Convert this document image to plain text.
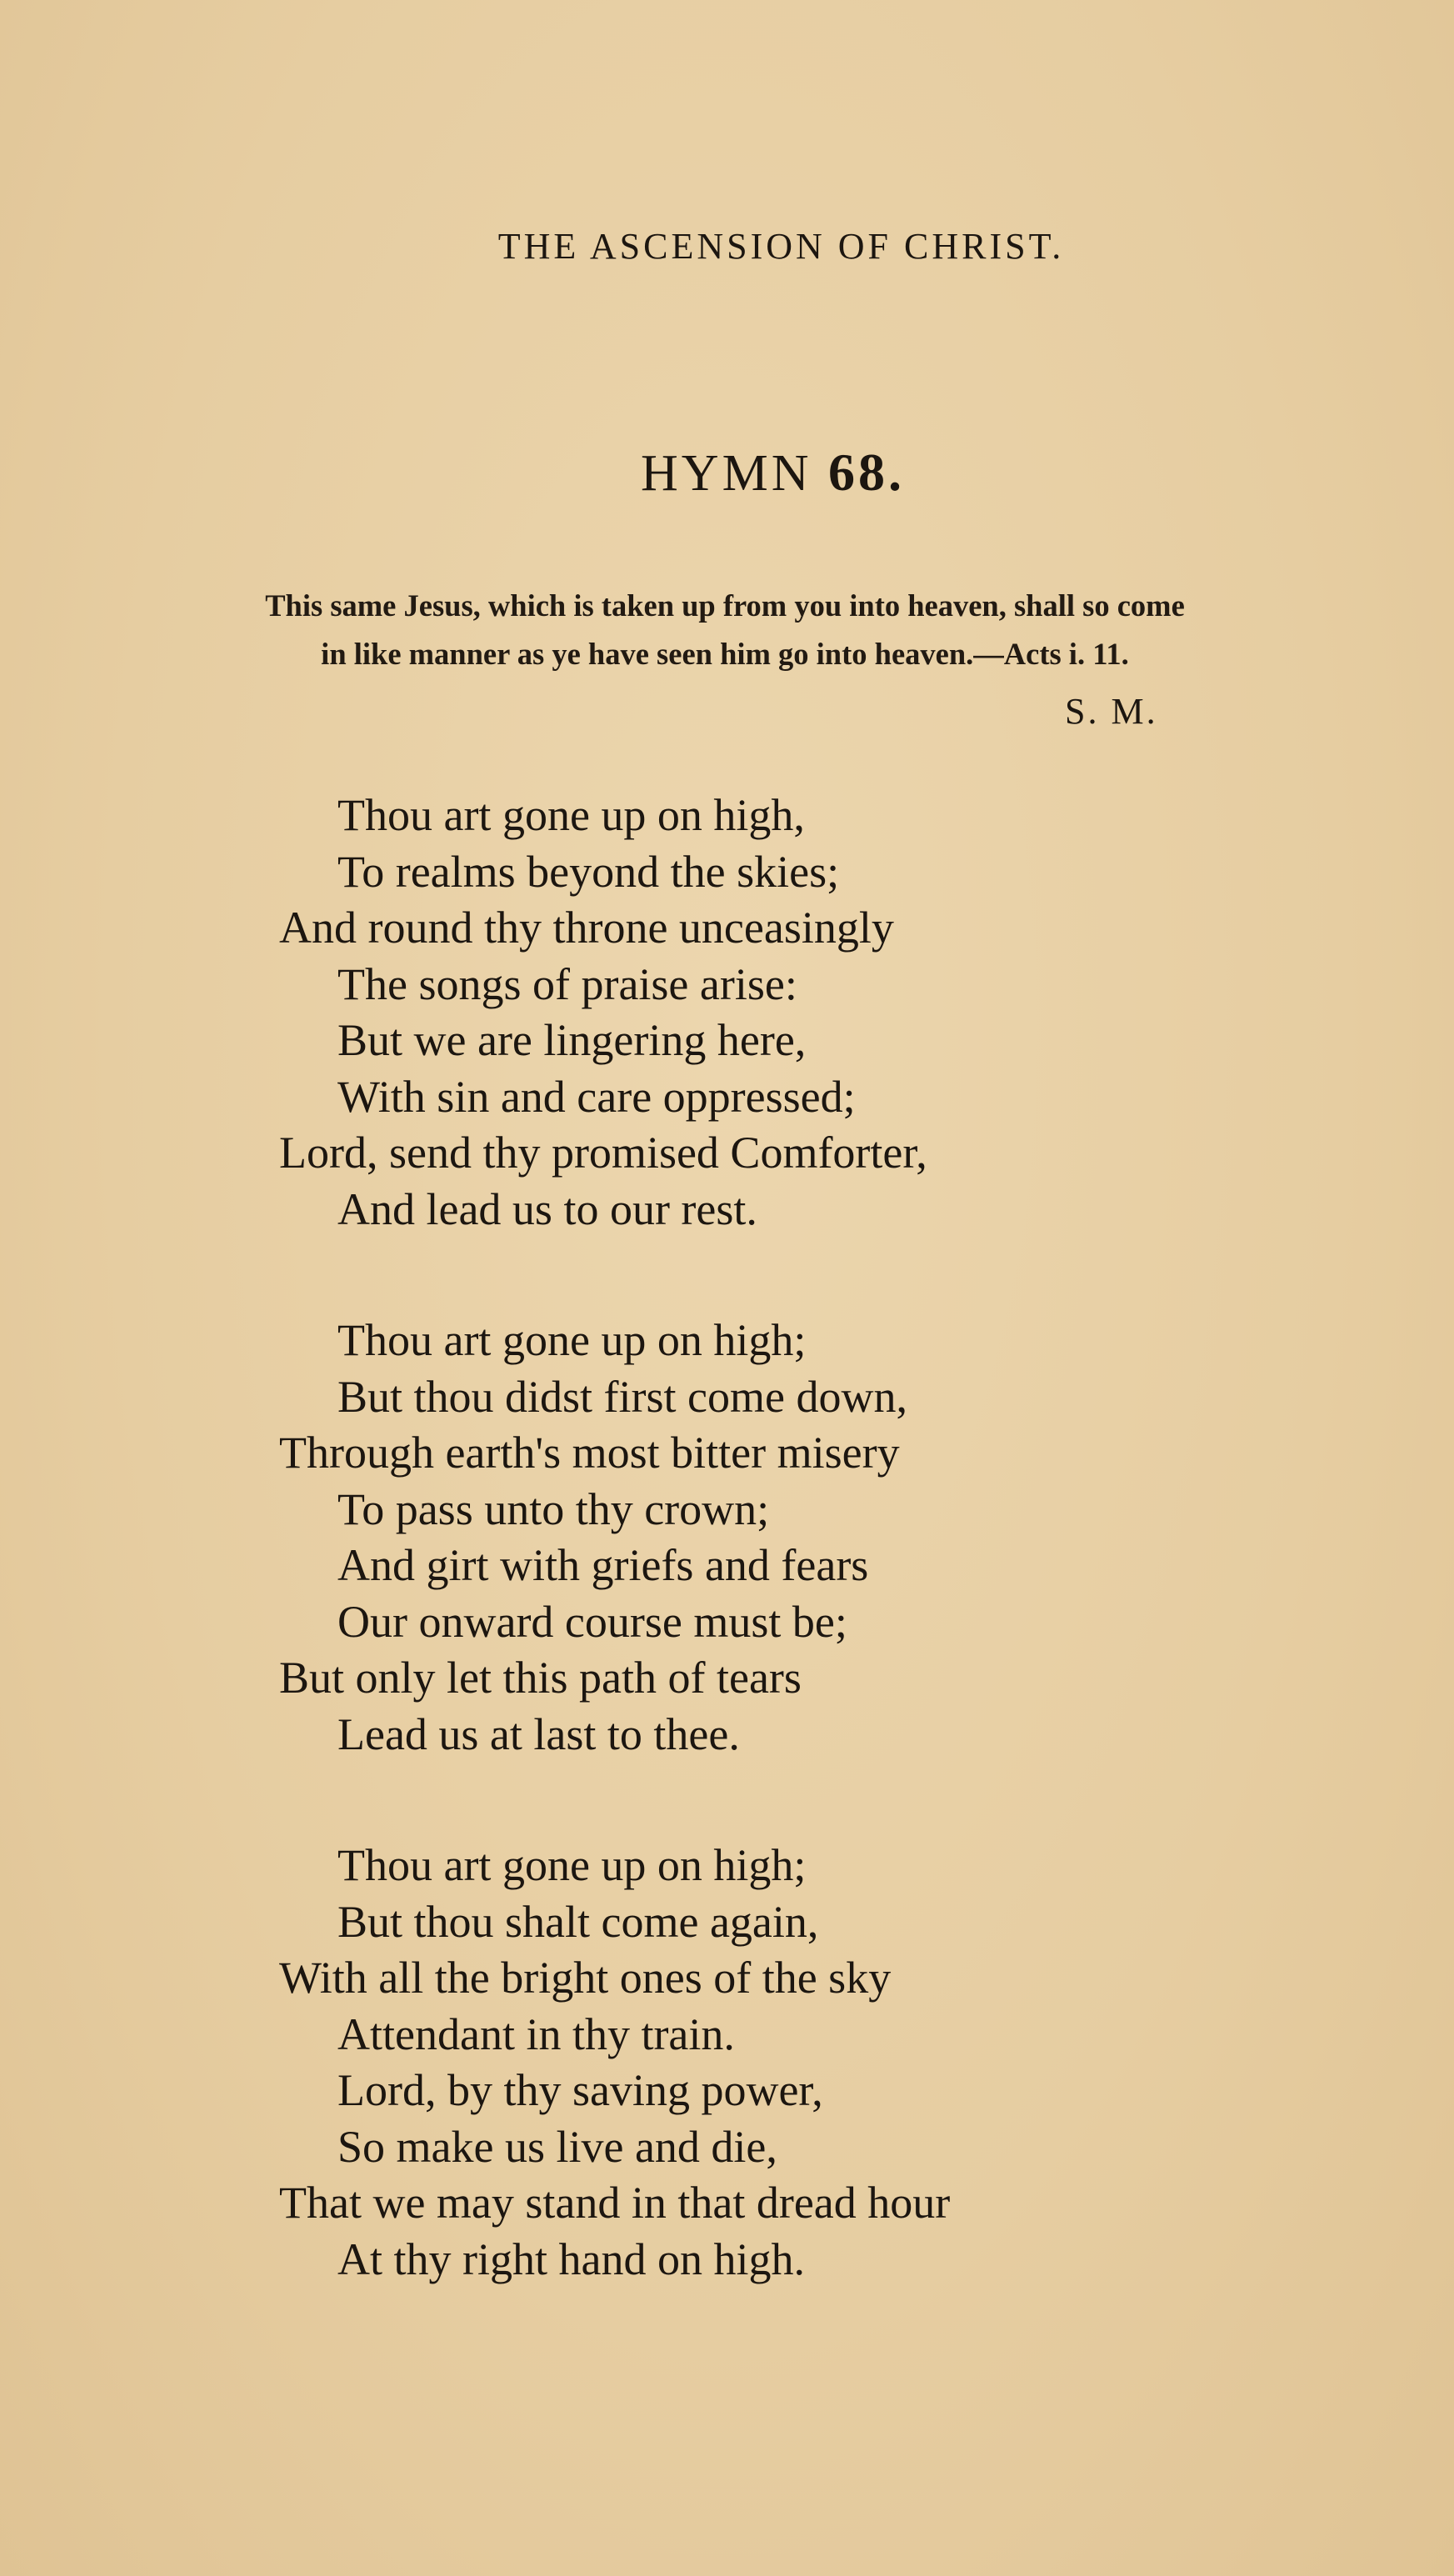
THE ASCENSION OF CHRIST.
HYMN 68.
This same Jesus, which is taken up from you into heaven, shall so come
in like manner as ye have seen him go into heaven.—Acts i. 11.
S. M.
Thou art gone up on high,
To realms beyond the skies;
And round thy throne unceasingly
The songs of praise arise:
But we are lingering here,
With sin and care oppressed;
Lord, send thy promised Comforter,
And lead us to our rest.
Thou art gone up on high;
But thou didst first come down,
Through earth's most bitter misery
To pass unto thy crown;
And girt with griefs and fears
Our onward course must be;
But only let this path of tears
Lead us at last to thee.
Thou art gone up on high;
But thou shalt come again,
With all the bright ones of the sky
Attendant in thy train.
Lord, by thy saving power,
So make us live and die,
That we may stand in that dread hour
At thy right hand on high.
